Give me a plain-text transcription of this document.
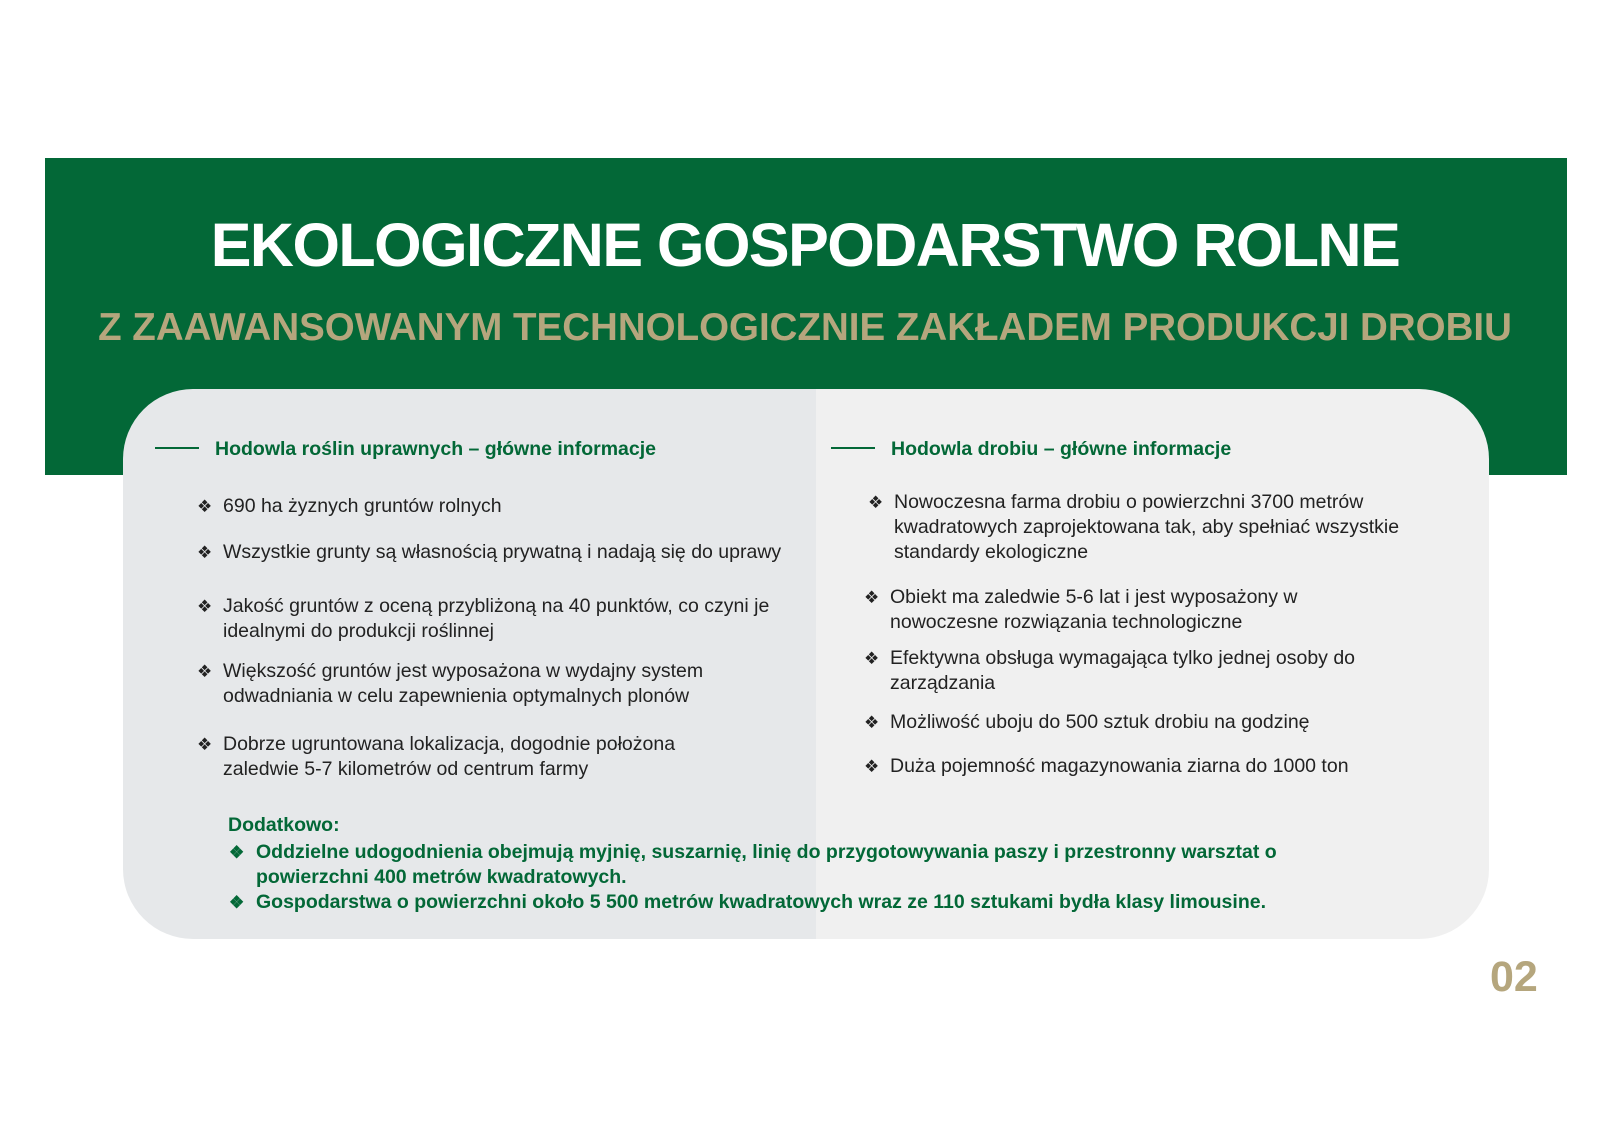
EKOLOGICZNE GOSPODARSTWO ROLNE
Z ZAAWANSOWANYM TECHNOLOGICZNIE ZAKŁADEM PRODUKCJI DROBIU
Hodowla roślin uprawnych – główne informacje
❖ 690 ha żyznych gruntów rolnych
❖ Wszystkie grunty są własnością prywatną i nadają się do uprawy
❖ Jakość gruntów z oceną przybliżoną na 40 punktów, co czyni je idealnymi do produkcji roślinnej
❖ Większość gruntów jest wyposażona w wydajny system odwadniania w celu zapewnienia optymalnych plonów
❖ Dobrze ugruntowana lokalizacja, dogodnie położona zaledwie 5-7 kilometrów od centrum farmy
Hodowla drobiu – główne informacje
❖ Nowoczesna farma drobiu o powierzchni 3700 metrów kwadratowych zaprojektowana tak, aby spełniać wszystkie standardy ekologiczne
❖ Obiekt ma zaledwie 5-6 lat i jest wyposażony w nowoczesne rozwiązania technologiczne
❖ Efektywna obsługa wymagająca tylko jednej osoby do zarządzania
❖ Możliwość uboju do 500 sztuk drobiu na godzinę
❖ Duża pojemność magazynowania ziarna do 1000 ton
Dodatkowo:
❖ Oddzielne udogodnienia obejmują myjnię, suszarnię, linię do przygotowywania paszy i przestronny warsztat o powierzchni 400 metrów kwadratowych.
❖ Gospodarstwa o powierzchni około 5 500 metrów kwadratowych wraz ze 110 sztukami bydła klasy limousine.
02
